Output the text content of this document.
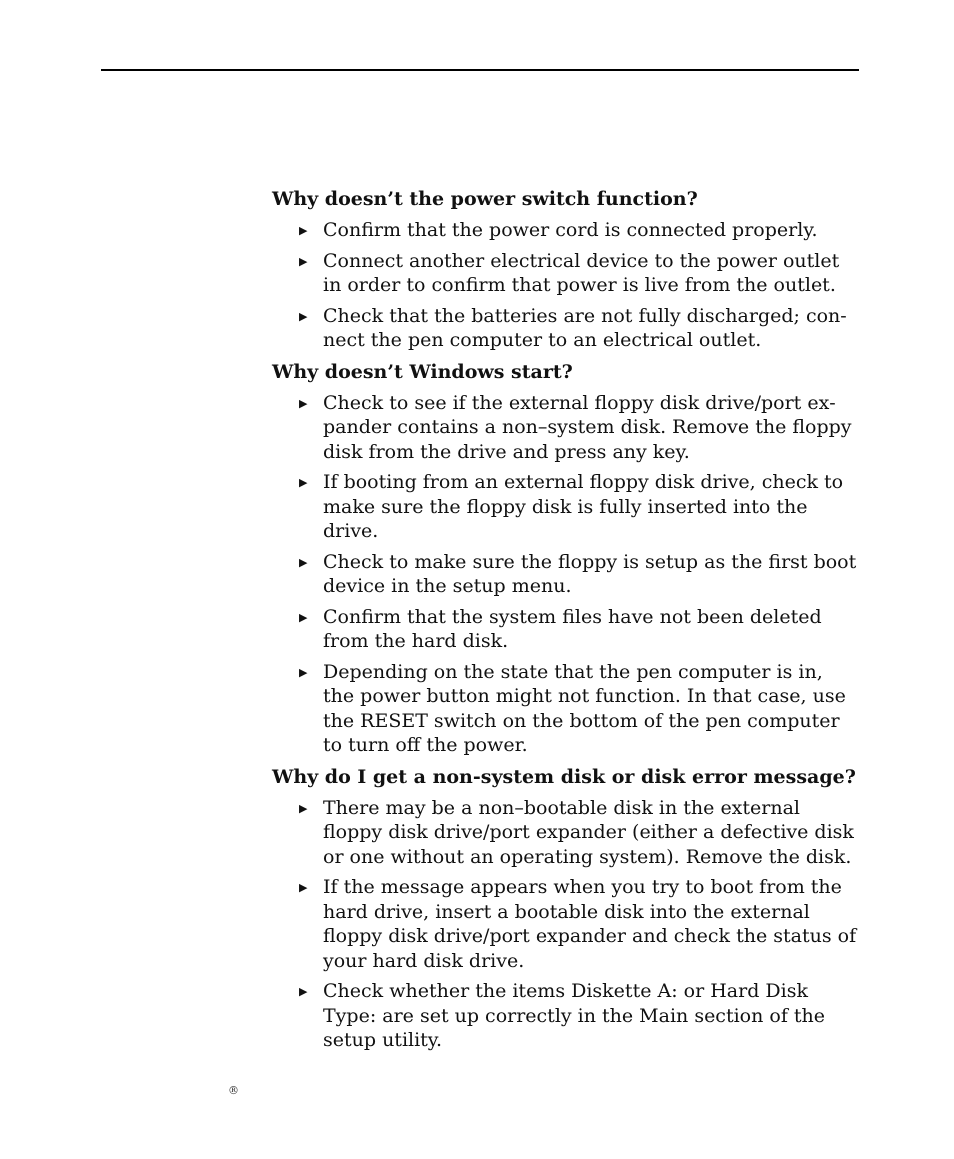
Why doesn’t the power switch function?
▶ Confirm that the power cord is connected properly.
▶ Connect another electrical device to the power outlet in order to confirm that power is live from the outlet.
▶ Check that the batteries are not fully discharged; connect the pen computer to an electrical outlet.
Why doesn’t Windows start?
▶ Check to see if the external floppy disk drive/port expander contains a non–system disk. Remove the floppy disk from the drive and press any key.
▶ If booting from an external floppy disk drive, check to make sure the floppy disk is fully inserted into the drive.
▶ Check to make sure the floppy is setup as the first boot device in the setup menu.
▶ Confirm that the system files have not been deleted from the hard disk.
▶ Depending on the state that the pen computer is in, the power button might not function. In that case, use the RESET switch on the bottom of the pen computer to turn off the power.
Why do I get a non-system disk or disk error message?
▶ There may be a non–bootable disk in the external floppy disk drive/port expander (either a defective disk or one without an operating system). Remove the disk.
▶ If the message appears when you try to boot from the hard drive, insert a bootable disk into the external floppy disk drive/port expander and check the status of your hard disk drive.
▶ Check whether the items Diskette A: or Hard Disk Type: are set up correctly in the Main section of the setup utility.
®
